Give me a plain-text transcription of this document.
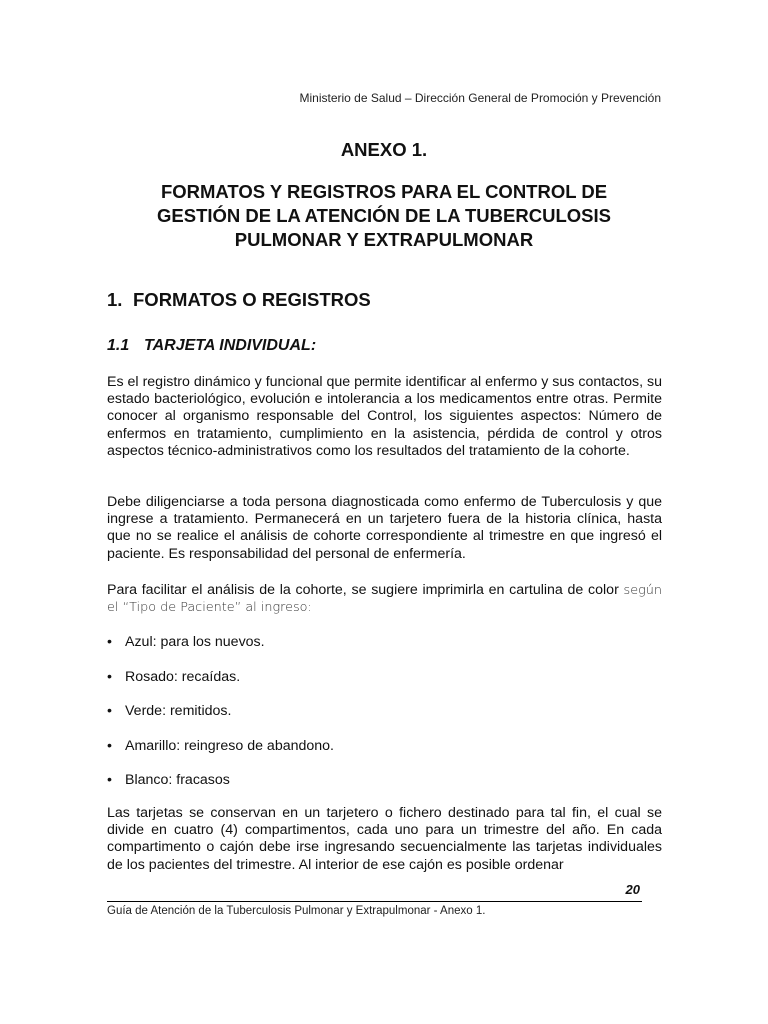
Ministerio de Salud – Dirección General de Promoción y Prevención
ANEXO 1.
FORMATOS Y REGISTROS PARA EL CONTROL DE
GESTIÓN DE LA ATENCIÓN DE LA TUBERCULOSIS
PULMONAR Y EXTRAPULMONAR
1. FORMATOS O REGISTROS
1.1 TARJETA INDIVIDUAL:
Es el registro dinámico y funcional que permite identificar al enfermo y sus contactos, su estado bacteriológico, evolución e intolerancia a los medicamentos entre otras. Permite conocer al organismo responsable del Control, los siguientes aspectos: Número de enfermos en tratamiento, cumplimiento en la asistencia, pérdida de control y otros aspectos técnico-administrativos como los resultados del tratamiento de la cohorte.
Debe diligenciarse a toda persona diagnosticada como enfermo de Tuberculosis y que ingrese a tratamiento. Permanecerá en un tarjetero fuera de la historia clínica, hasta que no se realice el análisis de cohorte correspondiente al trimestre en que ingresó el paciente. Es responsabilidad del personal de enfermería.
Para facilitar el análisis de la cohorte, se sugiere imprimirla en cartulina de color según el “Tipo de Paciente” al ingreso:
• Azul: para los nuevos.
• Rosado: recaídas.
• Verde: remitidos.
• Amarillo: reingreso de abandono.
• Blanco: fracasos
Las tarjetas se conservan en un tarjetero o fichero destinado para tal fin, el cual se divide en cuatro (4) compartimentos, cada uno para un trimestre del año. En cada compartimento o cajón debe irse ingresando secuencialmente las tarjetas individuales de los pacientes del trimestre. Al interior de ese cajón es posible ordenar
20
Guía de Atención de la Tuberculosis Pulmonar y Extrapulmonar - Anexo 1.
